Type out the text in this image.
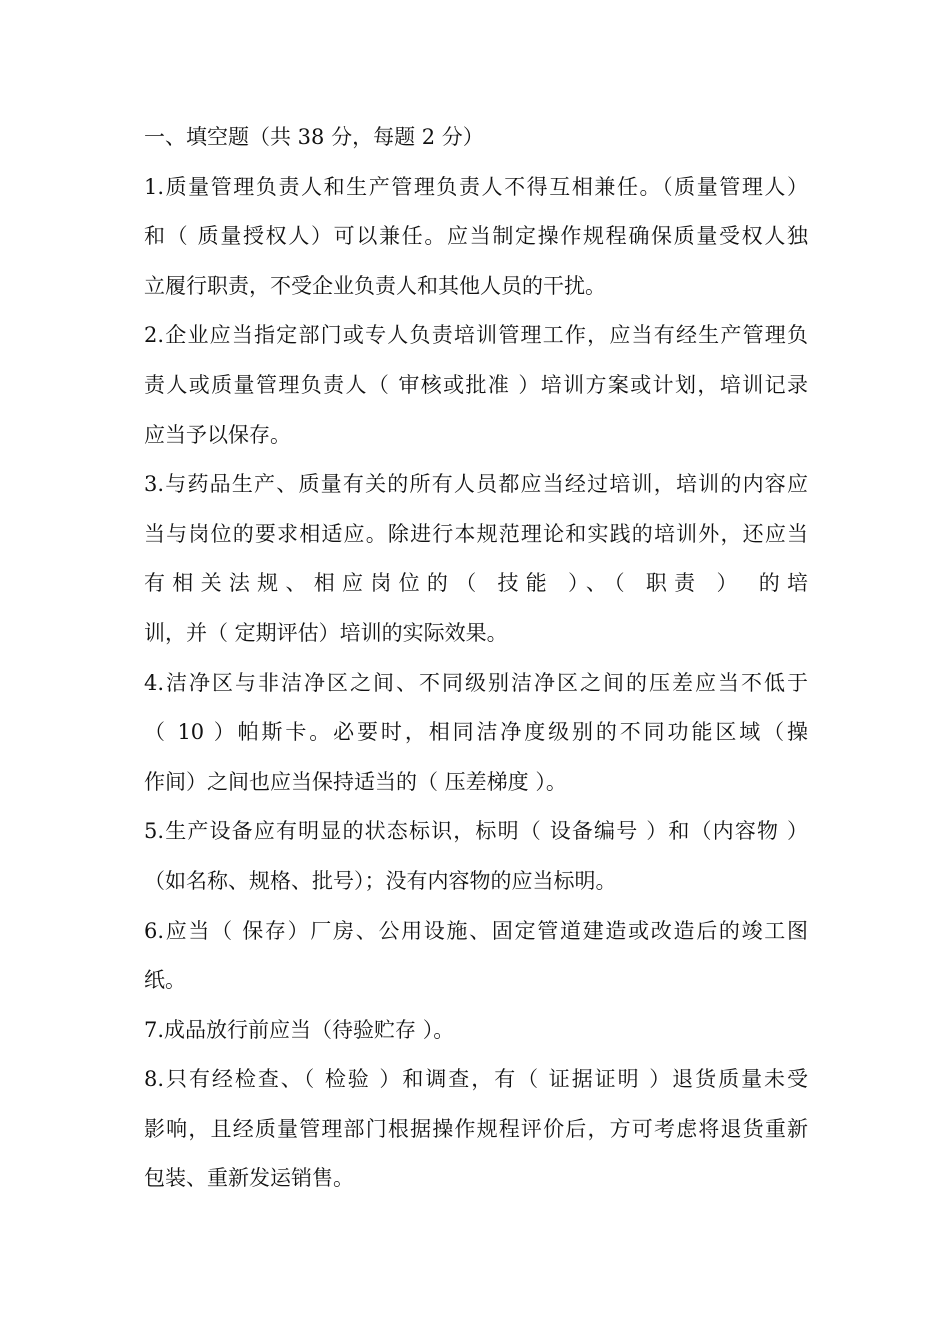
一、填空题（共 38 分，每题 2 分）
1.质量管理负责人和生产管理负责人不得互相兼任。（质量管理人）
和（ 质量授权人）可以兼任。应当制定操作规程确保质量受权人独
立履行职责，不受企业负责人和其他人员的干扰。
2.企业应当指定部门或专人负责培训管理工作，应当有经生产管理负
责人或质量管理负责人（ 审核或批准 ）培训方案或计划，培训记录
应当予以保存。
3.与药品生产、质量有关的所有人员都应当经过培训，培训的内容应
当与岗位的要求相适应。除进行本规范理论和实践的培训外，还应当
有相关法规、相应岗位的（ 技能 ）、（ 职责 ） 的培
训，并（ 定期评估）培训的实际效果。
4.洁净区与非洁净区之间、不同级别洁净区之间的压差应当不低于
（ 10 ）帕斯卡。必要时，相同洁净度级别的不同功能区域（操
作间）之间也应当保持适当的（ 压差梯度 ）。
5.生产设备应有明显的状态标识，标明（ 设备编号 ）和（内容物 ）
（如名称、规格、批号）；没有内容物的应当标明。
6.应当（ 保存）厂房、公用设施、固定管道建造或改造后的竣工图
纸。
7.成品放行前应当（待验贮存 ）。
8.只有经检查、（ 检验 ）和调查，有（ 证据证明 ）退货质量未受
影响，且经质量管理部门根据操作规程评价后，方可考虑将退货重新
包装、重新发运销售。
